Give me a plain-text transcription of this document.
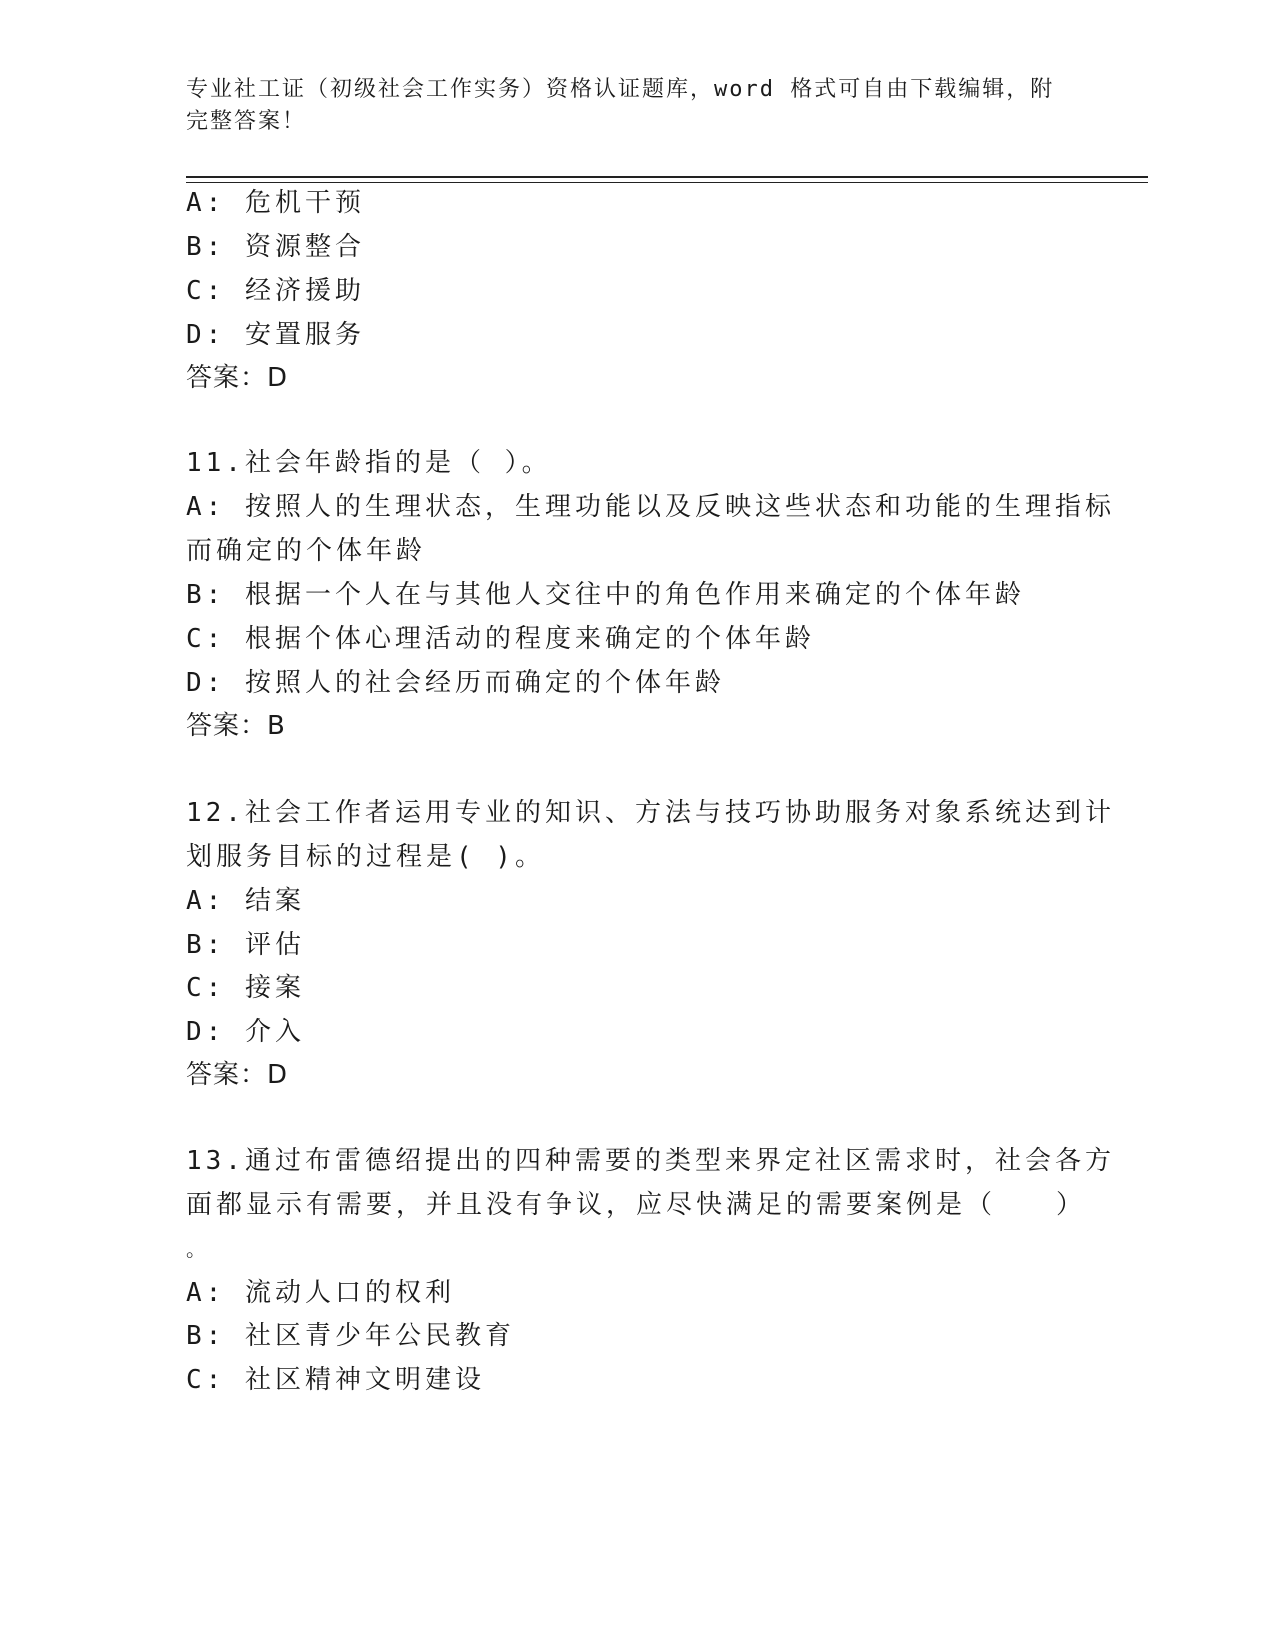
专业社工证（初级社会工作实务）资格认证题库，word 格式可自由下载编辑，附
完整答案！
A: 危机干预
B: 资源整合
C: 经济援助
D: 安置服务
答案：D
11.社会年龄指的是（ ）。
A: 按照人的生理状态，生理功能以及反映这些状态和功能的生理指标
而确定的个体年龄
B: 根据一个人在与其他人交往中的角色作用来确定的个体年龄
C: 根据个体心理活动的程度来确定的个体年龄
D: 按照人的社会经历而确定的个体年龄
答案：B
12.社会工作者运用专业的知识、方法与技巧协助服务对象系统达到计
划服务目标的过程是( )。
A: 结案
B: 评估
C: 接案
D: 介入
答案：D
13.通过布雷德绍提出的四种需要的类型来界定社区需求时，社会各方
面都显示有需要，并且没有争议，应尽快满足的需要案例是（　　）
。
A: 流动人口的权利
B: 社区青少年公民教育
C: 社区精神文明建设
